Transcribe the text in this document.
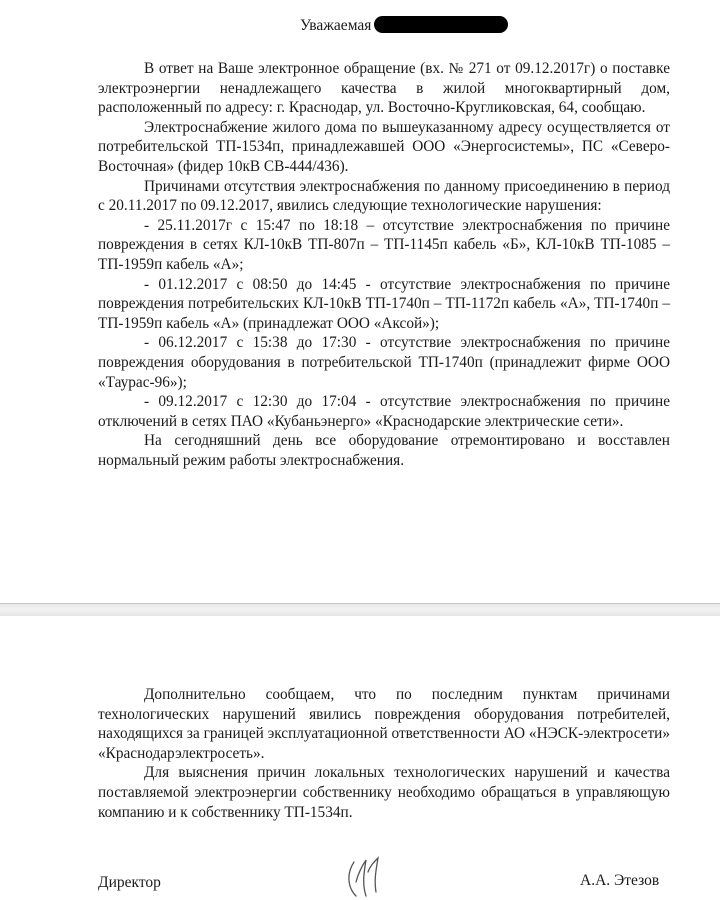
Уважаемая

В ответ на Ваше электронное обращение (вх. № 271 от 09.12.2017г) о поставке электроэнергии ненадлежащего качества в жилой многоквартирный дом, расположенный по адресу: г. Краснодар, ул. Восточно-Кругликовская, 64, сообщаю.

Электроснабжение жилого дома по вышеуказанному адресу осуществляется от потребительской ТП-1534п, принадлежавшей ООО «Энергосистемы», ПС «Северо-Восточная» (фидер 10кВ СВ-444/436).

Причинами отсутствия электроснабжения по данному присоединению в период с 20.11.2017 по 09.12.2017, явились следующие технологические нарушения:

- 25.11.2017г с 15:47 по 18:18 – отсутствие электроснабжения по причине повреждения в сетях КЛ-10кВ ТП-807п – ТП-1145п кабель «Б», КЛ-10кВ ТП-1085 – ТП-1959п кабель «А»;

- 01.12.2017 с 08:50 до 14:45 - отсутствие электроснабжения по причине повреждения потребительских КЛ-10кВ ТП-1740п – ТП-1172п кабель «А», ТП-1740п – ТП-1959п кабель «А» (принадлежат ООО «Аксой»);

- 06.12.2017 с 15:38 до 17:30 - отсутствие электроснабжения по причине повреждения оборудования в потребительской ТП-1740п (принадлежит фирме ООО «Таурас-96»);

- 09.12.2017 с 12:30 до 17:04 - отсутствие электроснабжения по причине отключений в сетях ПАО «Кубаньэнерго» «Краснодарские электрические сети».

На сегодняшний день все оборудование отремонтировано и восставлен нормальный режим работы электроснабжения.

Дополнительно сообщаем, что по последним пунктам причинами технологических нарушений явились повреждения оборудования потребителей, находящихся за границей эксплуатационной ответственности АО «НЭСК-электросети» «Краснодарэлектросеть».

Для выяснения причин локальных технологических нарушений и качества поставляемой электроэнергии собственнику необходимо обращаться в управляющую компанию и к собственнику ТП-1534п.

Директор	А.А. Этезов
